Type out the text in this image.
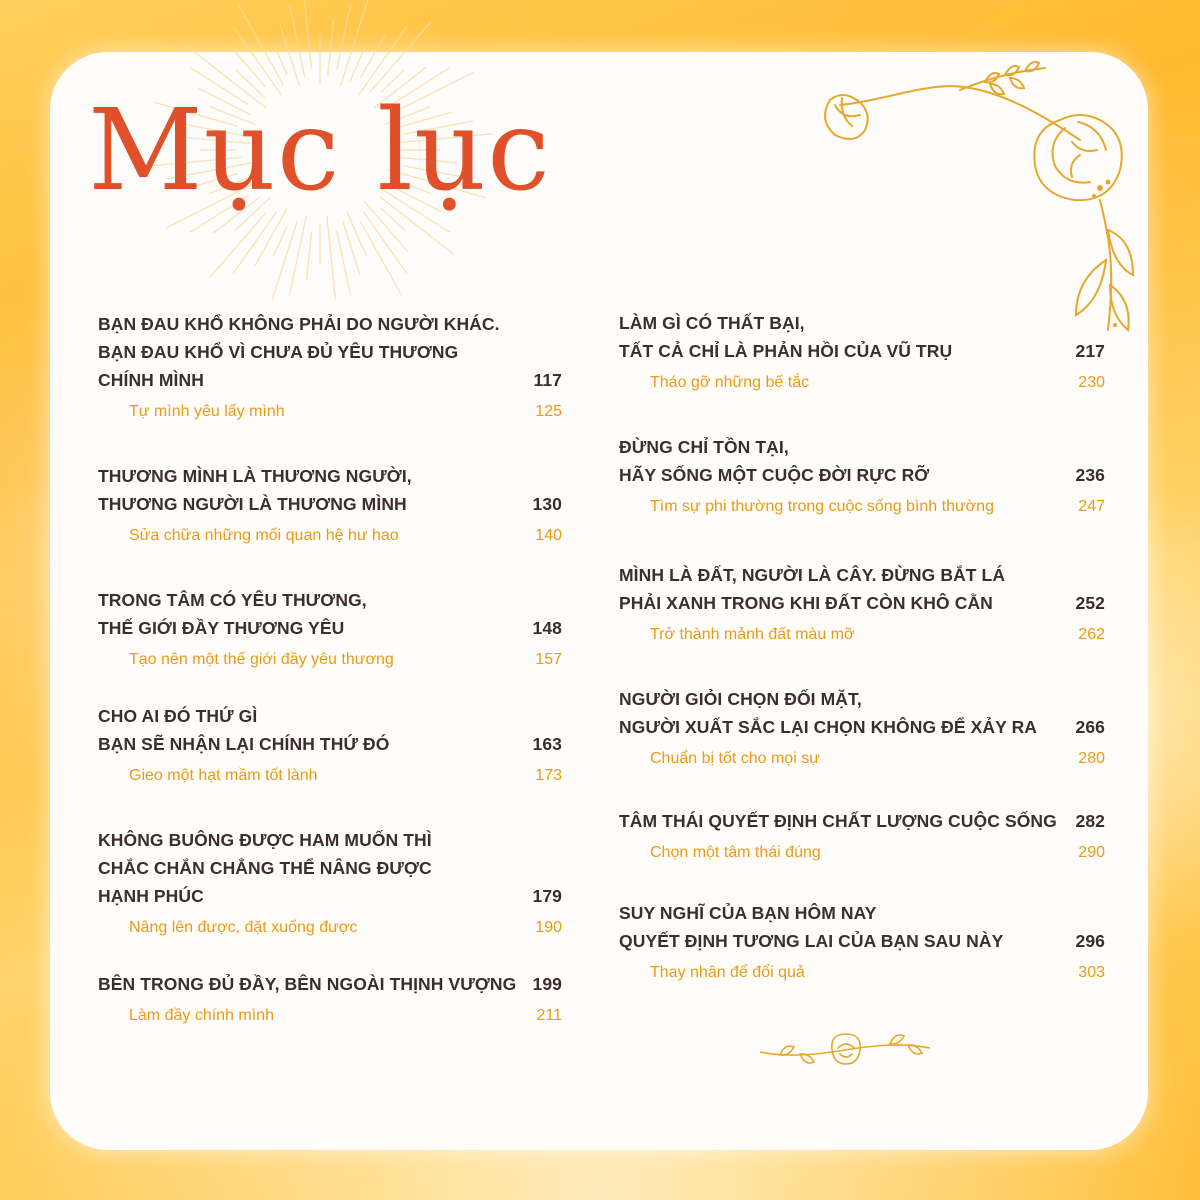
Mục lục
BẠN ĐAU KHỔ KHÔNG PHẢI DO NGƯỜI KHÁC.
BẠN ĐAU KHỔ VÌ CHƯA ĐỦ YÊU THƯƠNG
CHÍNH MÌNH	117
Tự mình yêu lấy mình	125
THƯƠNG MÌNH LÀ THƯƠNG NGƯỜI,
THƯƠNG NGƯỜI LÀ THƯƠNG MÌNH	130
Sửa chữa những mối quan hệ hư hao	140
TRONG TÂM CÓ YÊU THƯƠNG,
THẾ GIỚI ĐẦY THƯƠNG YÊU	148
Tạo nên một thế giới đầy yêu thương	157
CHO AI ĐÓ THỨ GÌ
BẠN SẼ NHẬN LẠI CHÍNH THỨ ĐÓ	163
Gieo một hạt mầm tốt lành	173
KHÔNG BUÔNG ĐƯỢC HAM MUỐN THÌ
CHẮC CHẮN CHẲNG THỂ NÂNG ĐƯỢC
HẠNH PHÚC	179
Nâng lên được, đặt xuống được	190
BÊN TRONG ĐỦ ĐẦY, BÊN NGOÀI THỊNH VƯỢNG 199
Làm đầy chính mình	211
LÀM GÌ CÓ THẤT BẠI,
TẤT CẢ CHỈ LÀ PHẢN HỒI CỦA VŨ TRỤ	217
Tháo gỡ những bế tắc	230
ĐỪNG CHỈ TỒN TẠI,
HÃY SỐNG MỘT CUỘC ĐỜI RỰC RỠ	236
Tìm sự phi thường trong cuộc sống bình thường	247
MÌNH LÀ ĐẤT, NGƯỜI LÀ CÂY. ĐỪNG BẮT LÁ
PHẢI XANH TRONG KHI ĐẤT CÒN KHÔ CẰN	252
Trở thành mảnh đất màu mỡ	262
NGƯỜI GIỎI CHỌN ĐỐI MẶT,
NGƯỜI XUẤT SẮC LẠI CHỌN KHÔNG ĐỂ XẢY RA	266
Chuẩn bị tốt cho mọi sự	280
TÂM THÁI QUYẾT ĐỊNH CHẤT LƯỢNG CUỘC SỐNG	282
Chọn một tâm thái đúng	290
SUY NGHĨ CỦA BẠN HÔM NAY
QUYẾT ĐỊNH TƯƠNG LAI CỦA BẠN SAU NÀY	296
Thay nhân để đổi quả	303
